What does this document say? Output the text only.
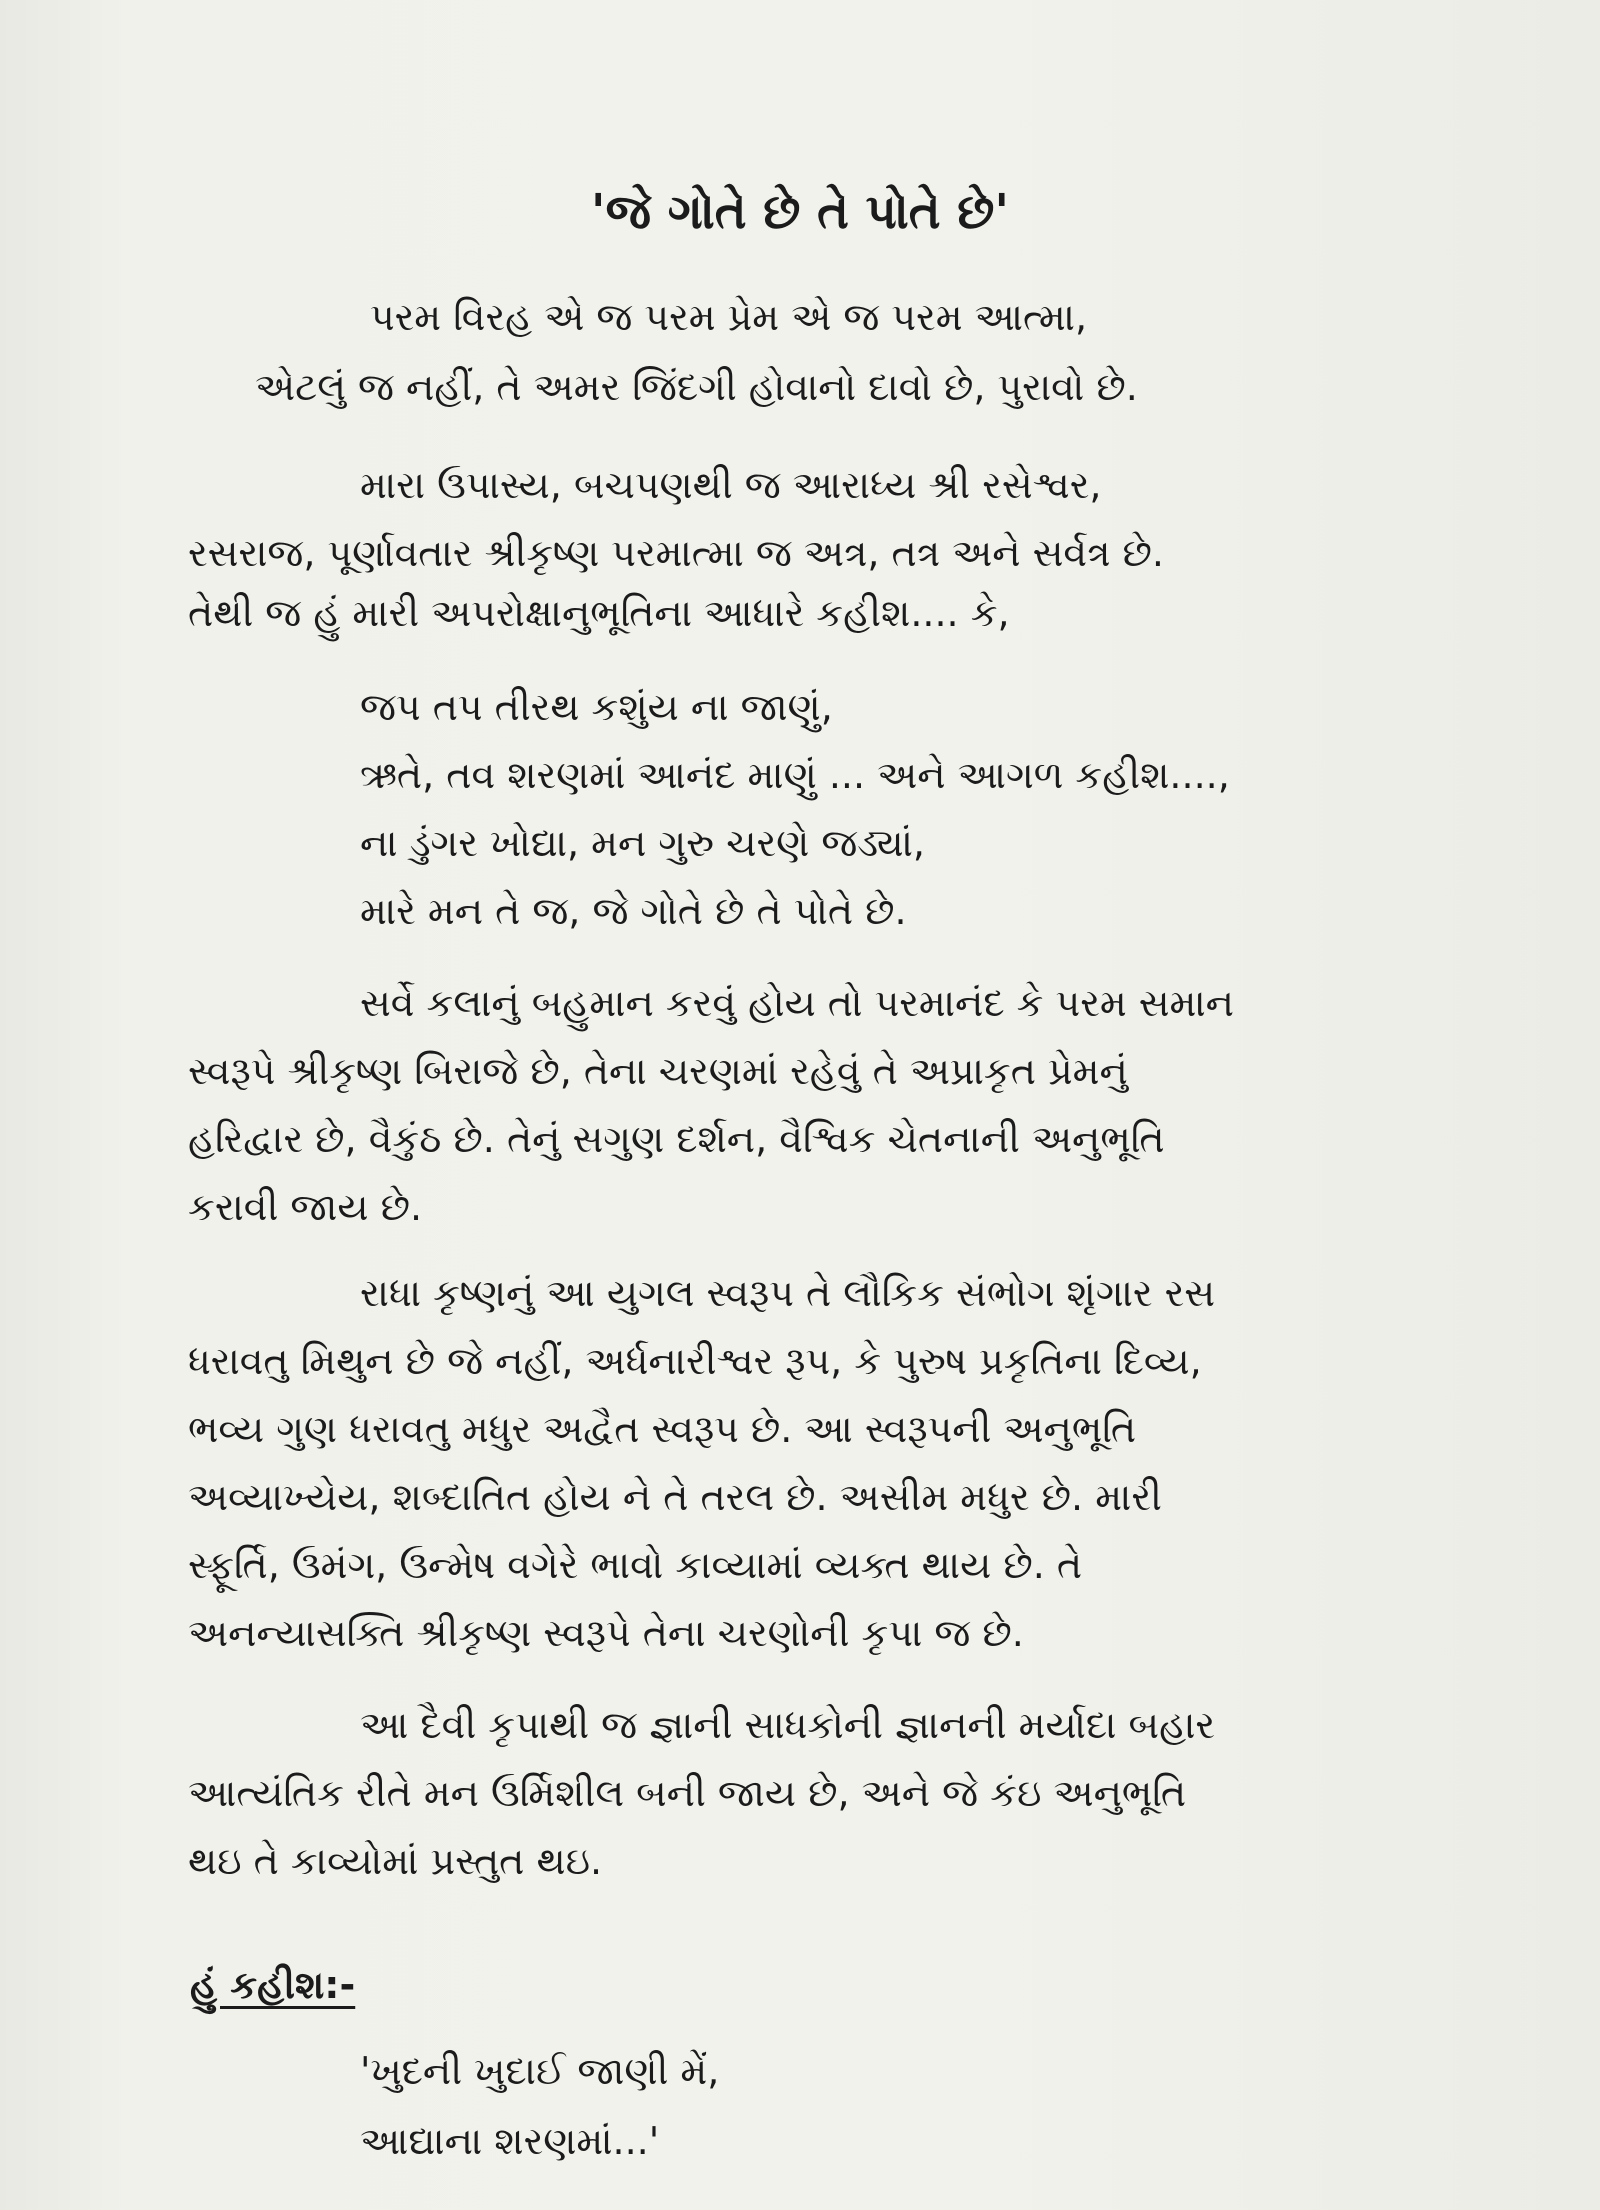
'જે ગોતે છે તે પોતે છે'
પરમ વિરહ એ જ પરમ પ્રેમ એ જ પરમ આત્મા,
એટલું જ નહીં, તે અમર જિંદગી હોવાનો દાવો છે, પુરાવો છે.
મારા ઉપાસ્ય, બચપણથી જ આરાધ્ય શ્રી રસેશ્વર,
રસરાજ, પૂર્ણાવતાર શ્રીકૃષ્ણ પરમાત્મા જ અત્ર, તત્ર અને સર્વત્ર છે.
તેથી જ હું મારી અપરોક્ષાનુભૂતિના આધારે કહીશ.... કે,
જપ તપ તીરથ કશુંય ના જાણું,
ઋતે, તવ શરણમાં આનંદ માણું ... અને આગળ કહીશ....,
ના ડુંગર ખોદ્યા, મન ગુરુ ચરણે જડ્યાં,
મારે મન તે જ, જે ગોતે છે તે પોતે છે.
સર્વે કલાનું બહુમાન કરવું હોય તો પરમાનંદ કે પરમ સમાન
સ્વરૂપે શ્રીકૃષ્ણ બિરાજે છે, તેના ચરણમાં રહેવું તે અપ્રાકૃત પ્રેમનું
હરિદ્વાર છે, વૈકુંઠ છે. તેનું સગુણ દર્શન, વૈશ્વિક ચેતનાની અનુભૂતિ
કરાવી જાય છે.
રાધા કૃષ્ણનું આ યુગલ સ્વરૂપ તે લૌકિક સંભોગ શૃંગાર રસ
ધરાવતુ મિથુન છે જે નહીં, અર્ધનારીશ્વર રૂપ, કે પુરુષ પ્રકૃતિના દિવ્ય,
ભવ્ય ગુણ ધરાવતુ મધુર અદ્વૈત સ્વરૂપ છે. આ સ્વરૂપની અનુભૂતિ
અવ્યાખ્યેય, શબ્દાતિત હોય ને તે તરલ છે. અસીમ મધુર છે. મારી
સ્ફૂર્તિ, ઉમંગ, ઉન્મેષ વગેરે ભાવો કાવ્યામાં વ્યક્ત થાય છે. તે
અનન્યાસક્તિ શ્રીકૃષ્ણ સ્વરૂપે તેના ચરણોની કૃપા જ છે.
આ દૈવી કૃપાથી જ જ્ઞાની સાધકોની જ્ઞાનની મર્યાદા બહાર
આત્યંતિક રીતે મન ઉર્મિશીલ બની જાય છે, અને જે કંઇ અનુભૂતિ
થઇ તે કાવ્યોમાં પ્રસ્તુત થઇ.
હું કહીશ:-
'ખુદની ખુદાઈ જાણી મેં,
આદ્યાના શરણમાં...'
